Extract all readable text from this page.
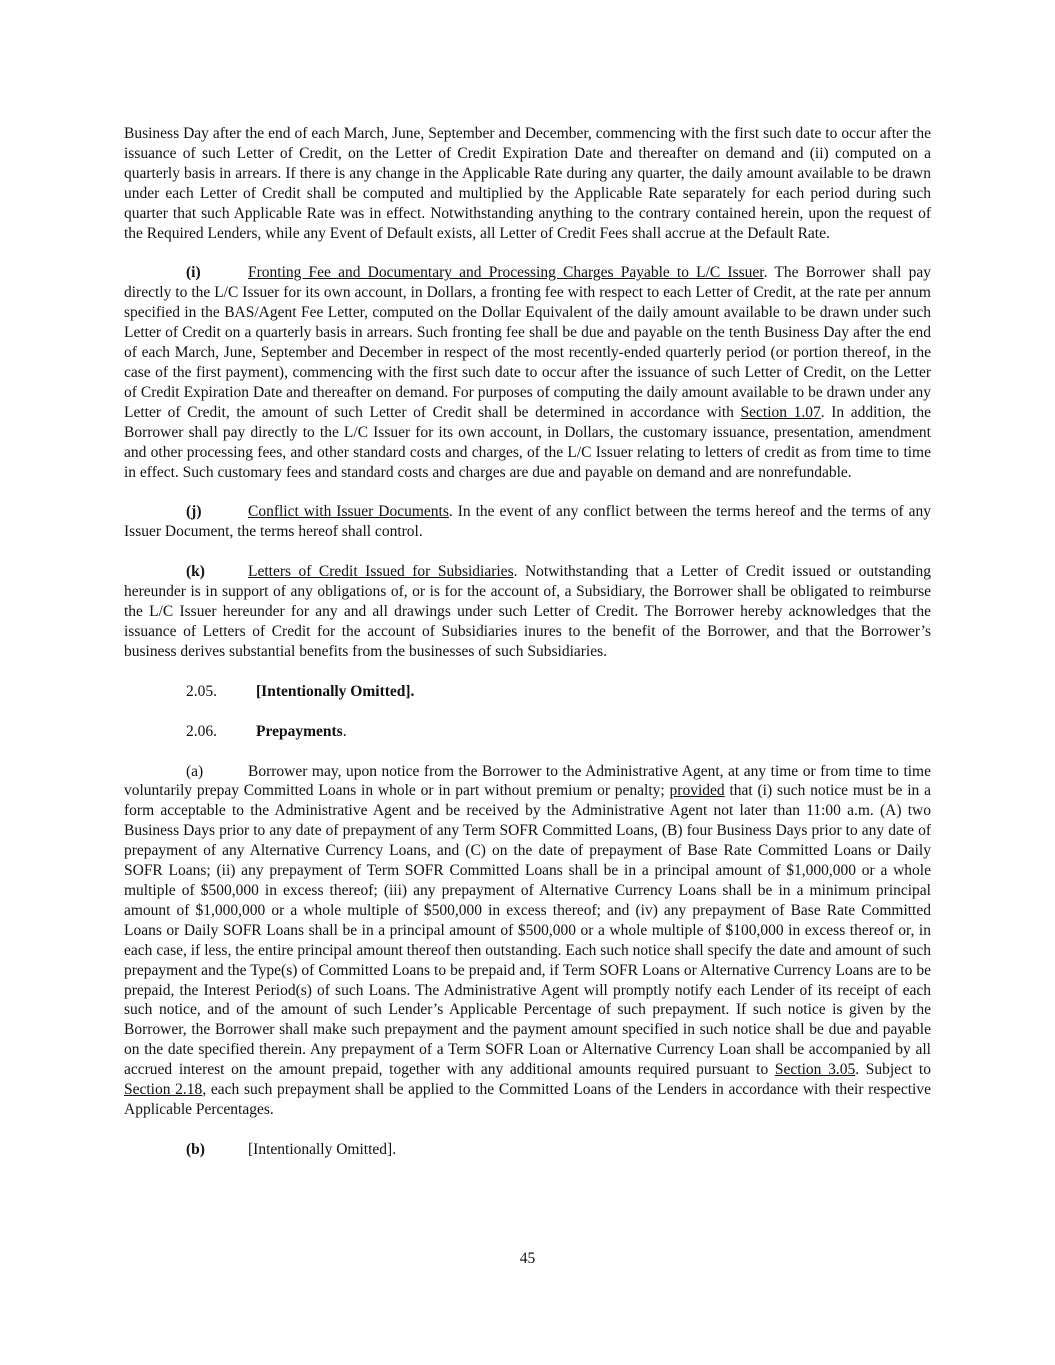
Business Day after the end of each March, June, September and December, commencing with the first such date to occur after the issuance of such Letter of Credit, on the Letter of Credit Expiration Date and thereafter on demand and (ii) computed on a quarterly basis in arrears. If there is any change in the Applicable Rate during any quarter, the daily amount available to be drawn under each Letter of Credit shall be computed and multiplied by the Applicable Rate separately for each period during such quarter that such Applicable Rate was in effect. Notwithstanding anything to the contrary contained herein, upon the request of the Required Lenders, while any Event of Default exists, all Letter of Credit Fees shall accrue at the Default Rate.

(i)	Fronting Fee and Documentary and Processing Charges Payable to L/C Issuer. The Borrower shall pay directly to the L/C Issuer for its own account, in Dollars, a fronting fee with respect to each Letter of Credit, at the rate per annum specified in the BAS/Agent Fee Letter, computed on the Dollar Equivalent of the daily amount available to be drawn under such Letter of Credit on a quarterly basis in arrears. Such fronting fee shall be due and payable on the tenth Business Day after the end of each March, June, September and December in respect of the most recently-ended quarterly period (or portion thereof, in the case of the first payment), commencing with the first such date to occur after the issuance of such Letter of Credit, on the Letter of Credit Expiration Date and thereafter on demand. For purposes of computing the daily amount available to be drawn under any Letter of Credit, the amount of such Letter of Credit shall be determined in accordance with Section 1.07. In addition, the Borrower shall pay directly to the L/C Issuer for its own account, in Dollars, the customary issuance, presentation, amendment and other processing fees, and other standard costs and charges, of the L/C Issuer relating to letters of credit as from time to time in effect. Such customary fees and standard costs and charges are due and payable on demand and are nonrefundable.

(j)	Conflict with Issuer Documents. In the event of any conflict between the terms hereof and the terms of any Issuer Document, the terms hereof shall control.

(k)	Letters of Credit Issued for Subsidiaries. Notwithstanding that a Letter of Credit issued or outstanding hereunder is in support of any obligations of, or is for the account of, a Subsidiary, the Borrower shall be obligated to reimburse the L/C Issuer hereunder for any and all drawings under such Letter of Credit. The Borrower hereby acknowledges that the issuance of Letters of Credit for the account of Subsidiaries inures to the benefit of the Borrower, and that the Borrower’s business derives substantial benefits from the businesses of such Subsidiaries.

2.05.	[Intentionally Omitted].

2.06.	Prepayments.

(a)	Borrower may, upon notice from the Borrower to the Administrative Agent, at any time or from time to time voluntarily prepay Committed Loans in whole or in part without premium or penalty; provided that (i) such notice must be in a form acceptable to the Administrative Agent and be received by the Administrative Agent not later than 11:00 a.m. (A) two Business Days prior to any date of prepayment of any Term SOFR Committed Loans, (B) four Business Days prior to any date of prepayment of any Alternative Currency Loans, and (C) on the date of prepayment of Base Rate Committed Loans or Daily SOFR Loans; (ii) any prepayment of Term SOFR Committed Loans shall be in a principal amount of $1,000,000 or a whole multiple of $500,000 in excess thereof; (iii) any prepayment of Alternative Currency Loans shall be in a minimum principal amount of $1,000,000 or a whole multiple of $500,000 in excess thereof; and (iv) any prepayment of Base Rate Committed Loans or Daily SOFR Loans shall be in a principal amount of $500,000 or a whole multiple of $100,000 in excess thereof or, in each case, if less, the entire principal amount thereof then outstanding. Each such notice shall specify the date and amount of such prepayment and the Type(s) of Committed Loans to be prepaid and, if Term SOFR Loans or Alternative Currency Loans are to be prepaid, the Interest Period(s) of such Loans. The Administrative Agent will promptly notify each Lender of its receipt of each such notice, and of the amount of such Lender’s Applicable Percentage of such prepayment. If such notice is given by the Borrower, the Borrower shall make such prepayment and the payment amount specified in such notice shall be due and payable on the date specified therein. Any prepayment of a Term SOFR Loan or Alternative Currency Loan shall be accompanied by all accrued interest on the amount prepaid, together with any additional amounts required pursuant to Section 3.05. Subject to Section 2.18, each such prepayment shall be applied to the Committed Loans of the Lenders in accordance with their respective Applicable Percentages.

(b)	[Intentionally Omitted].

45
